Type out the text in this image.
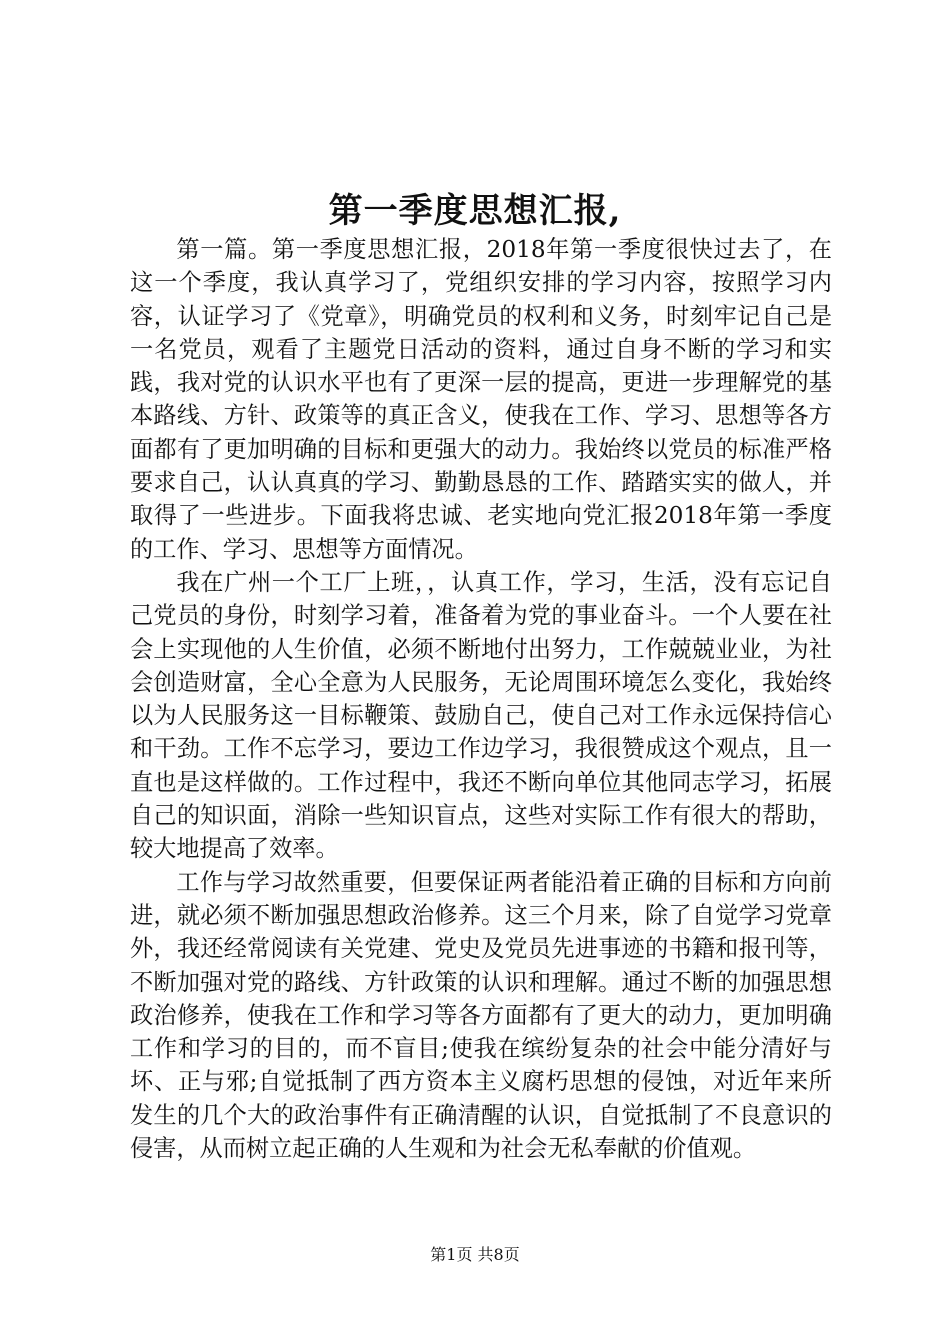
第一季度思想汇报,

第一篇。第一季度思想汇报，2018年第一季度很快过去了，在这一个季度，我认真学习了，党组织安排的学习内容，按照学习内容，认证学习了《党章》，明确党员的权利和义务，时刻牢记自己是一名党员，观看了主题党日活动的资料，通过自身不断的学习和实践，我对党的认识水平也有了更深一层的提高，更进一步理解党的基本路线、方针、政策等的真正含义，使我在工作、学习、思想等各方面都有了更加明确的目标和更强大的动力。我始终以党员的标准严格要求自己，认认真真的学习、勤勤恳恳的工作、踏踏实实的做人，并取得了一些进步。下面我将忠诚、老实地向党汇报2018年第一季度的工作、学习、思想等方面情况。

我在广州一个工厂上班，，认真工作，学习，生活，没有忘记自己党员的身份，时刻学习着，准备着为党的事业奋斗。一个人要在社会上实现他的人生价值，必须不断地付出努力，工作兢兢业业，为社会创造财富，全心全意为人民服务，无论周围环境怎么变化，我始终以为人民服务这一目标鞭策、鼓励自己，使自己对工作永远保持信心和干劲。工作不忘学习，要边工作边学习，我很赞成这个观点，且一直也是这样做的。工作过程中，我还不断向单位其他同志学习，拓展自己的知识面，消除一些知识盲点，这些对实际工作有很大的帮助，较大地提高了效率。

工作与学习故然重要，但要保证两者能沿着正确的目标和方向前进，就必须不断加强思想政治修养。这三个月来，除了自觉学习党章外，我还经常阅读有关党建、党史及党员先进事迹的书籍和报刊等，不断加强对党的路线、方针政策的认识和理解。通过不断的加强思想政治修养，使我在工作和学习等各方面都有了更大的动力，更加明确工作和学习的目的，而不盲目;使我在缤纷复杂的社会中能分清好与坏、正与邪;自觉抵制了西方资本主义腐朽思想的侵蚀，对近年来所发生的几个大的政治事件有正确清醒的认识，自觉抵制了不良意识的侵害，从而树立起正确的人生观和为社会无私奉献的价值观。

第1页 共8页
